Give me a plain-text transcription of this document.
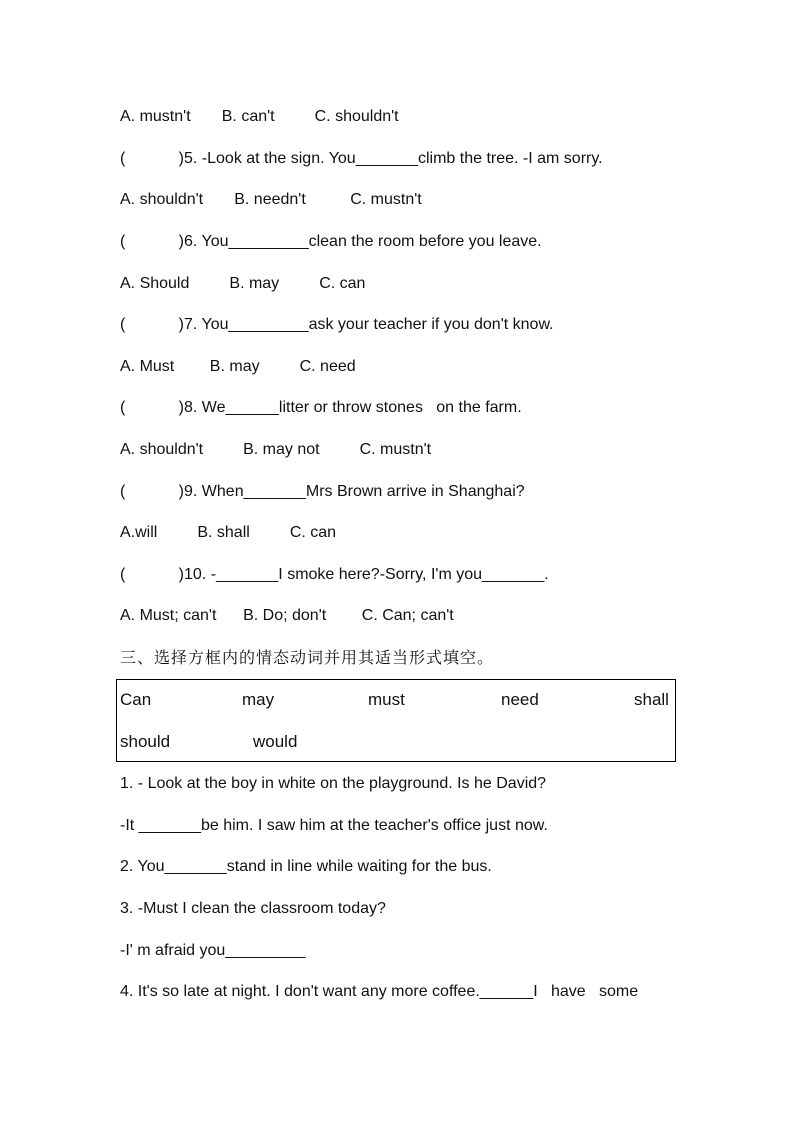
A. mustn't       B. can't         C. shouldn't
(            )5. -Look at the sign. You_______climb the tree. -I am sorry.
A. shouldn't       B. needn't          C. mustn't
(            )6. You_________clean the room before you leave.
A. Should         B. may         C. can
(            )7. You_________ask your teacher if you don't know.
A. Must        B. may         C. need
(            )8. We______litter or throw stones   on the farm.
A. shouldn't         B. may not         C. mustn't
(            )9. When_______Mrs Brown arrive in Shanghai?
A.will         B. shall         C. can
(            )10. -_______I smoke here?-Sorry, I'm you_______.
A. Must; can't      B. Do; don't        C. Can; can't
三、选择方框内的情态动词并用其适当形式填空。
Can	may	must	need	shall
should	would
1. - Look at the boy in white on the playground. Is he David?
-It _______be him. I saw him at the teacher's office just now.
2. You_______stand in line while waiting for the bus.
3. -Must I clean the classroom today?
-I' m afraid you_________
4. It's so late at night. I don't want any more coffee.______I   have   some
